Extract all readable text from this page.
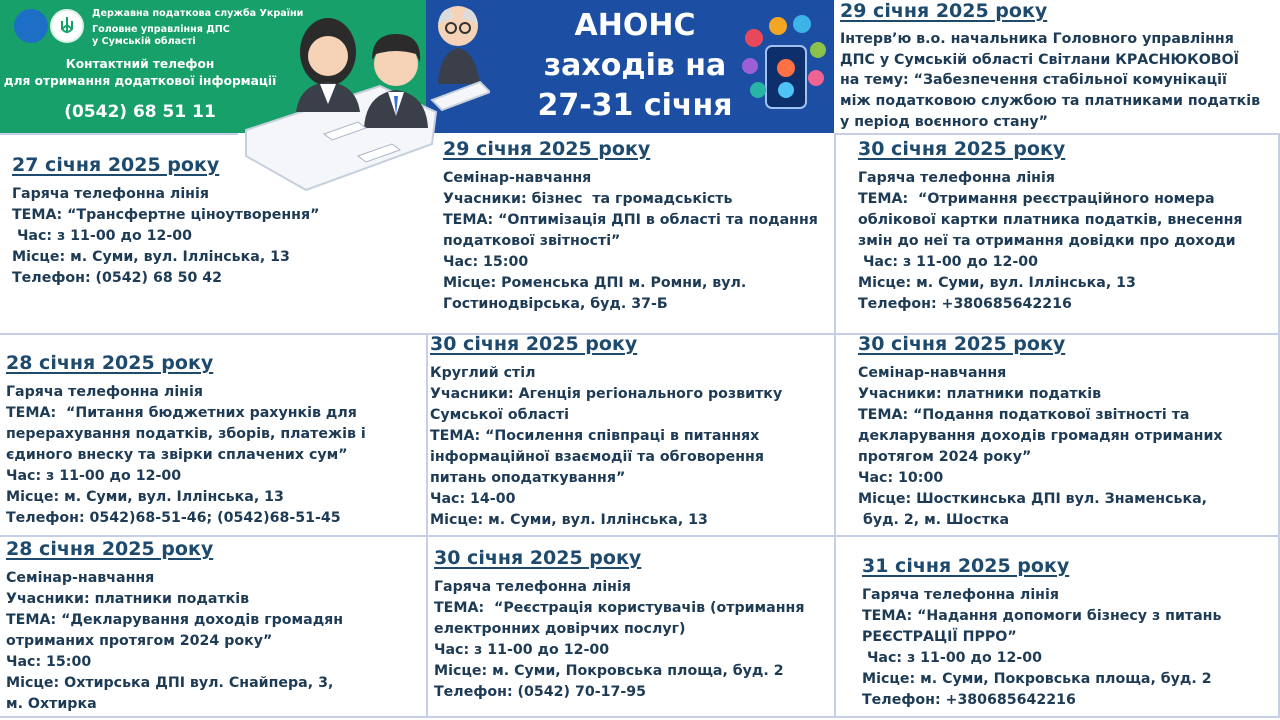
Державна податкова служба України
Головне управління ДПС
у Сумській області
Контактний телефон
для отримання додаткової інформації
(0542) 68 51 11
АНОНС
заходів на
27-31 січня
29 січня 2025 року
Інтерв’ю в.о. начальника Головного управління
ДПС у Сумській області Світлани КРАСНЮКОВОЇ
на тему: “Забезпечення стабільної комунікації
між податковою службою та платниками податків
у період воєнного стану”
27 січня 2025 року
Гаряча телефонна лінія
ТЕМА: “Трансфертне ціноутворення”
Час: з 11-00 до 12-00
Місце: м. Суми, вул. Іллінська, 13
Телефон: (0542) 68 50 42
29 січня 2025 року
Семінар-навчання
Учасники: бізнес  та громадськість
ТЕМА: “Оптимізація ДПІ в області та подання
податкової звітності”
Час: 15:00
Місце: Роменська ДПІ м. Ромни, вул.
Гостинодвірська, буд. 37-Б
30 січня 2025 року
Гаряча телефонна лінія
ТЕМА:  “Отримання реєстраційного номера
облікової картки платника податків, внесення
змін до неї та отримання довідки про доходи
Час: з 11-00 до 12-00
Місце: м. Суми, вул. Іллінська, 13
Телефон: +380685642216
28 січня 2025 року
Гаряча телефонна лінія
ТЕМА:  “Питання бюджетних рахунків для
перерахування податків, зборів, платежів і
єдиного внеску та звірки сплачених сум”
Час: з 11-00 до 12-00
Місце: м. Суми, вул. Іллінська, 13
Телефон: 0542)68-51-46; (0542)68-51-45
30 січня 2025 року
Круглий стіл
Учасники: Агенція регіонального розвитку
Сумської області
ТЕМА: “Посилення співпраці в питаннях
інформаційної взаємодії та обговорення
питань оподаткування”
Час: 14-00
Місце: м. Суми, вул. Іллінська, 13
30 січня 2025 року
Семінар-навчання
Учасники: платники податків
ТЕМА: “Подання податкової звітності та
декларування доходів громадян отриманих
протягом 2024 року”
Час: 10:00
Місце: Шосткинська ДПІ вул. Знаменська,
буд. 2, м. Шостка
28 січня 2025 року
Семінар-навчання
Учасники: платники податків
ТЕМА: “Декларування доходів громадян
отриманих протягом 2024 року”
Час: 15:00
Місце: Охтирська ДПІ вул. Снайпера, 3,
м. Охтирка
30 січня 2025 року
Гаряча телефонна лінія
ТЕМА:  “Реєстрація користувачів (отримання
електронних довірчих послуг)
Час: з 11-00 до 12-00
Місце: м. Суми, Покровська площа, буд. 2
Телефон: (0542) 70-17-95
31 січня 2025 року
Гаряча телефонна лінія
ТЕМА: “Надання допомоги бізнесу з питань
РЕЄСТРАЦІЇ ПРРО”
Час: з 11-00 до 12-00
Місце: м. Суми, Покровська площа, буд. 2
Телефон: +380685642216
